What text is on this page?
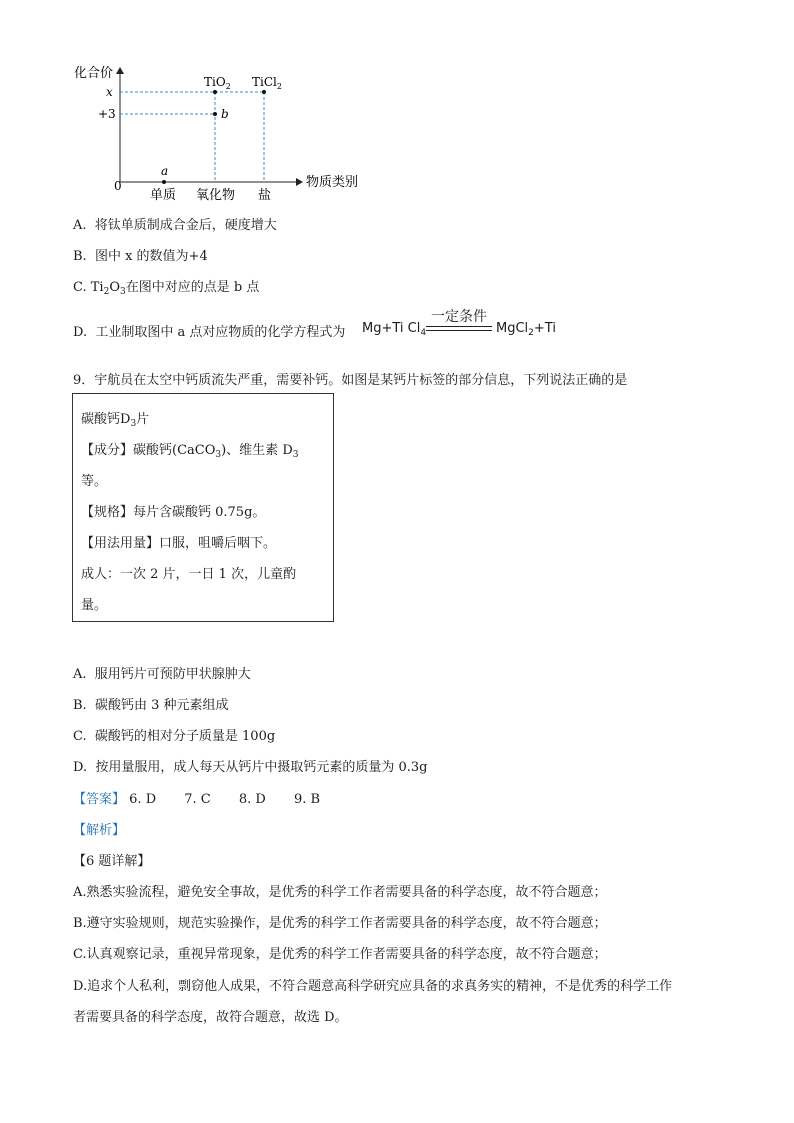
化合价
物质类别
0
x
+3
单质 氧化物 盐
TiO$_2$ TiCl$_2$
b
a
A. 将钛单质制成合金后，硬度增大
B. 图中 x 的数值为+4
C. $Ti_2O_3$在图中对应的点是 b 点
D. 工业制取图中 a 点对应物质的化学方程式为 Mg+Ti $Cl_4$
一定条件
MgCl$_2$+Ti
9．宇航员在太空中钙质流失严重，需要补钙。如图是某钙片标签的部分信息，下列说法正确的是
碳酸钙$D_3$片
【成分】碳酸钙(CaCO$_3$)、维生素 $D_3$
等。
【规格】每片含碳酸钙 0.75g。
【用法用量】口服，咀嚼后咽下。
成人：一次 2 片，一日 1 次，儿童酌
量。
A. 服用钙片可预防甲状腺肿大
B. 碳酸钙由 3 种元素组成
C. 碳酸钙的相对分子质量是 100g
D. 按用量服用，成人每天从钙片中摄取钙元素的质量为 0.3g
【答案】 6. D 7. C 8. D 9. B
【解析】
【6 题详解】
A.熟悉实验流程，避免安全事故，是优秀的科学工作者需要具备的科学态度，故不符合题意；
B.遵守实验规则，规范实验操作，是优秀的科学工作者需要具备的科学态度，故不符合题意；
C.认真观察记录，重视异常现象，是优秀的科学工作者需要具备的科学态度，故不符合题意；
D.追求个人私利，剽窃他人成果，不符合题意高科学研究应具备的求真务实的精神，不是优秀的科学工作
者需要具备的科学态度，故符合题意，故选 D。
